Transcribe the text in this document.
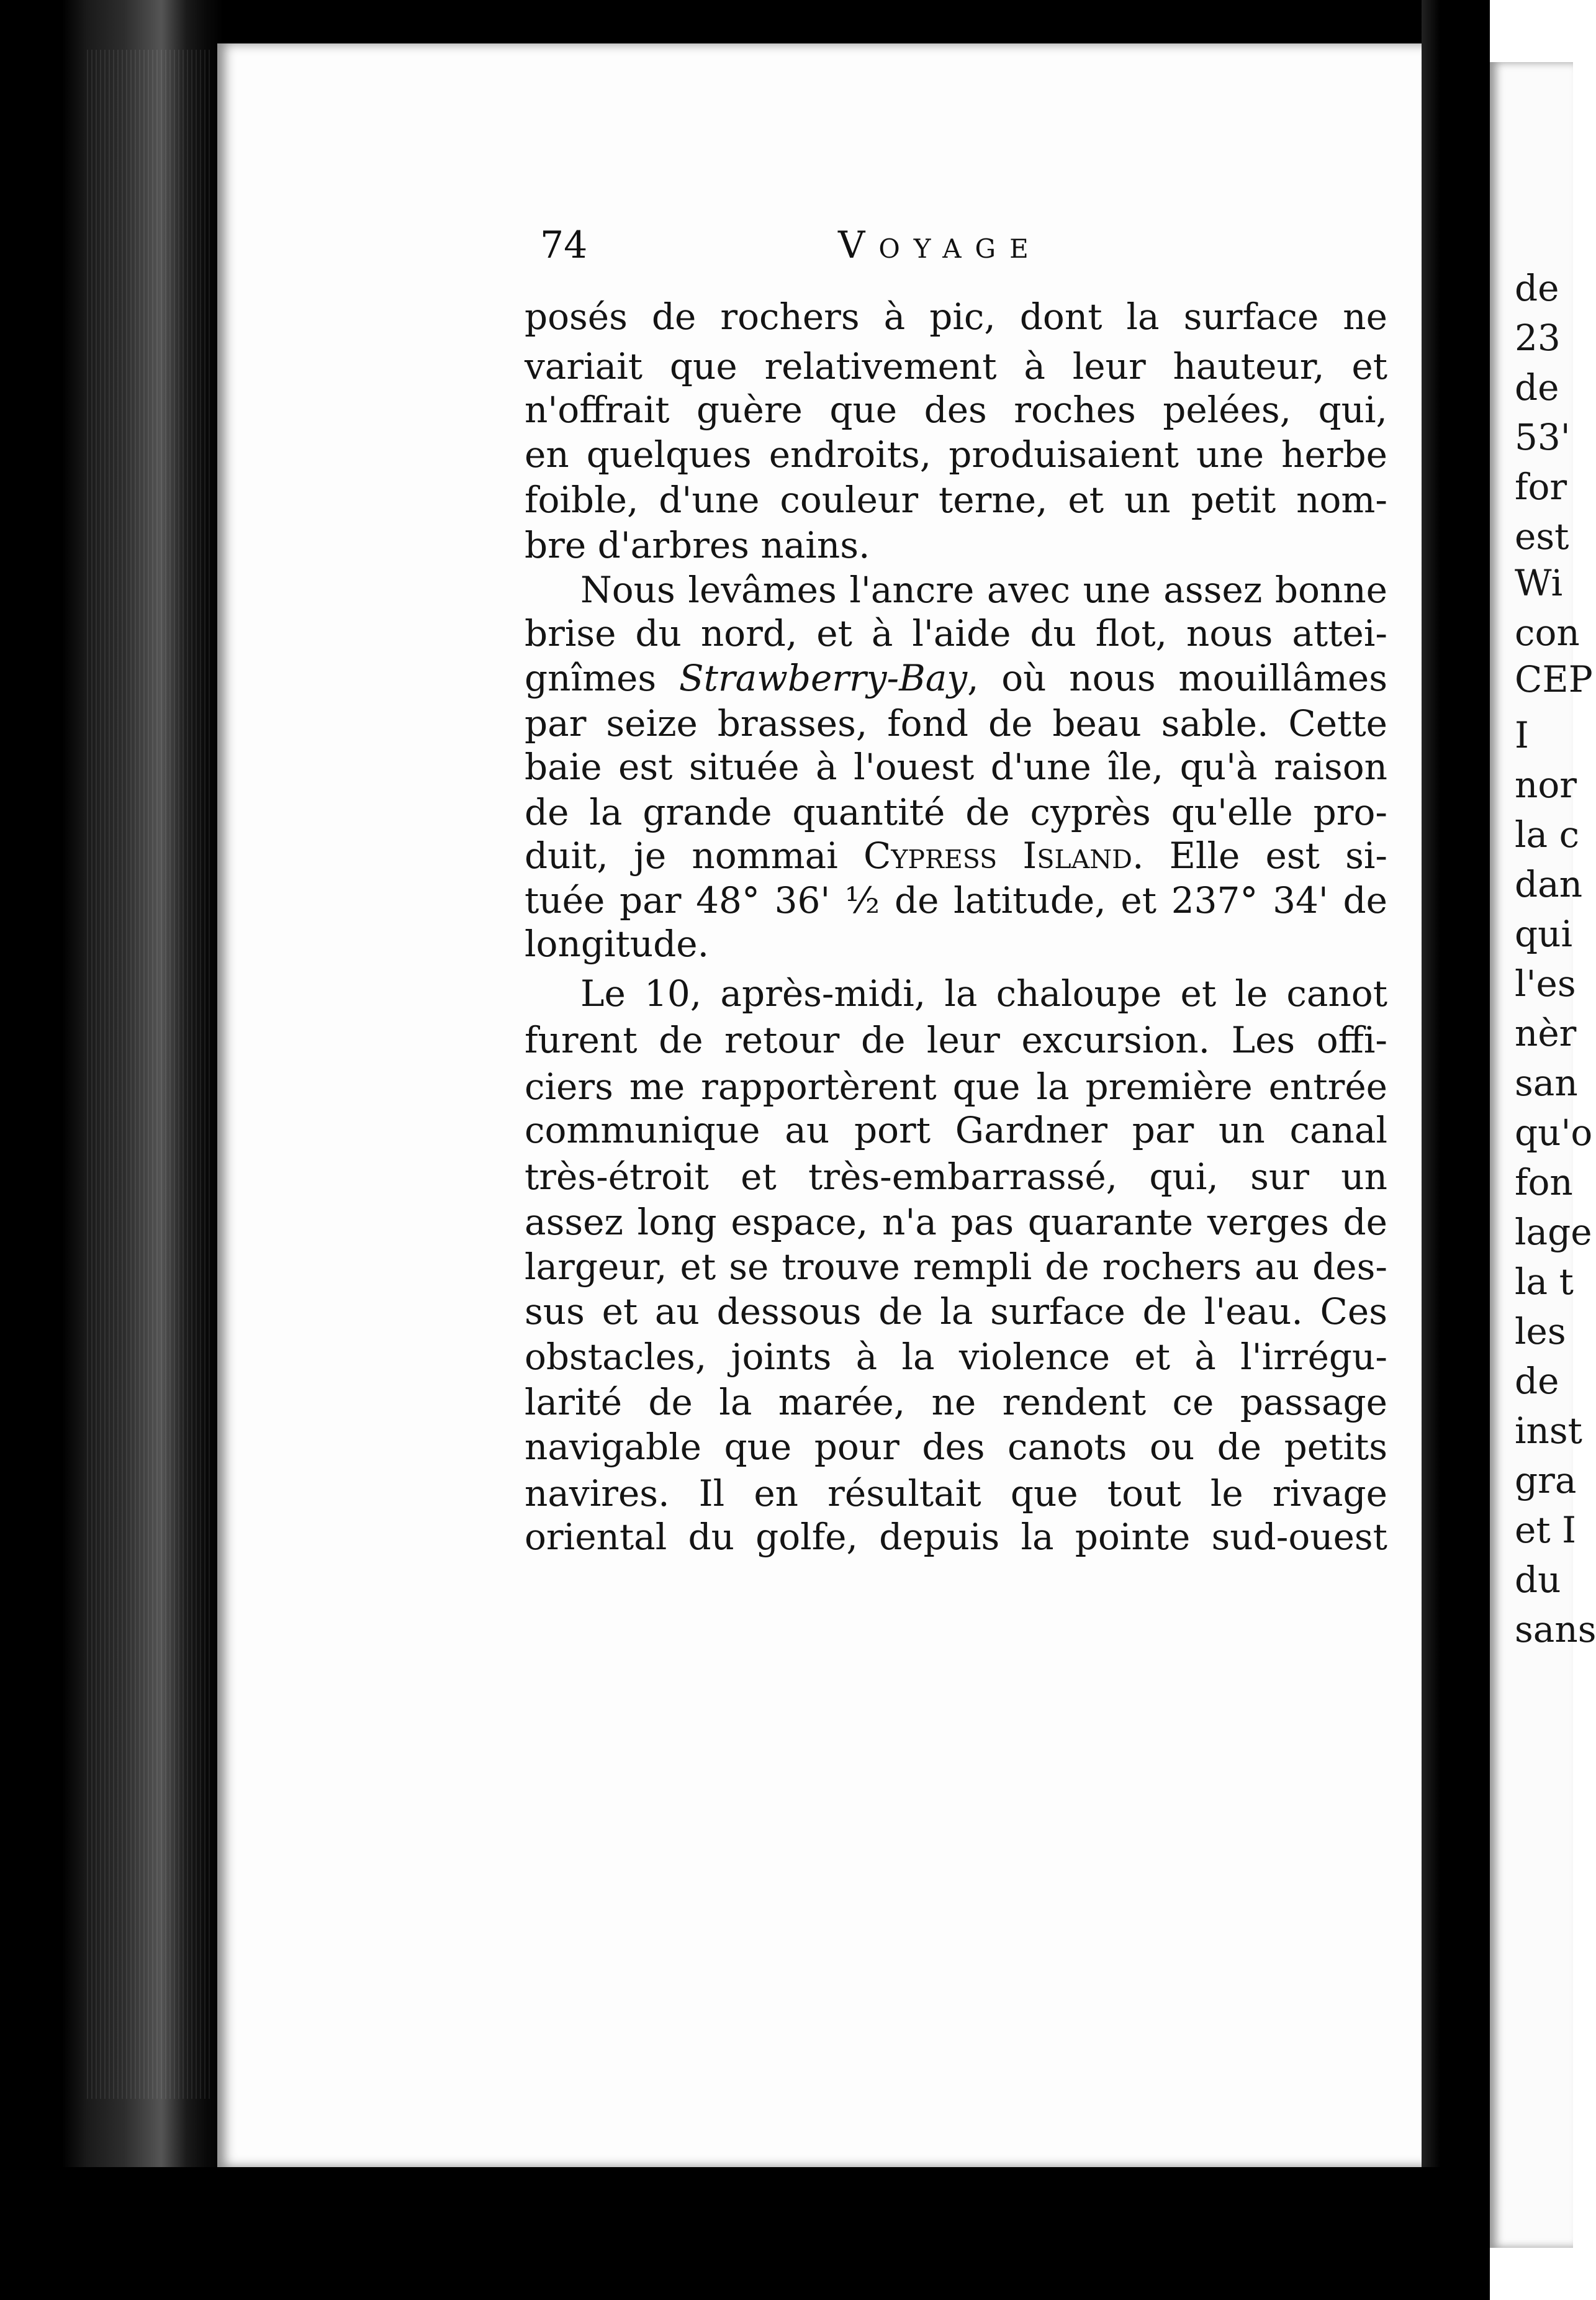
74	Voyage
posés de rochers à pic, dont la surface ne
variait que relativement à leur hauteur, et
n'offrait guère que des roches pelées, qui,
en quelques endroits, produisaient une herbe
foible, d'une couleur terne, et un petit nom-
bre d'arbres nains.
Nous levâmes l'ancre avec une assez bonne
brise du nord, et à l'aide du flot, nous attei-
gnîmes Strawberry-Bay, où nous mouillâmes
par seize brasses, fond de beau sable. Cette
baie est située à l'ouest d'une île, qu'à raison
de la grande quantité de cyprès qu'elle pro-
duit, je nommai Cypress Island. Elle est si-
tuée par 48° 36' ½ de latitude, et 237° 34' de
longitude.
Le 10, après-midi, la chaloupe et le canot
furent de retour de leur excursion. Les offi-
ciers me rapportèrent que la première entrée
communique au port Gardner par un canal
très-étroit et très-embarrassé, qui, sur un
assez long espace, n'a pas quarante verges de
largeur, et se trouve rempli de rochers au des-
sus et au dessous de la surface de l'eau. Ces
obstacles, joints à la violence et à l'irrégu-
larité de la marée, ne rendent ce passage
navigable que pour des canots ou de petits
navires. Il en résultait que tout le rivage
oriental du golfe, depuis la pointe sud-ouest
de
23
de
53'
for
est
Wi
con
CEP
I
nor
la c
dan
qui
l'es
nèr
san
qu'o
fon
lage
la t
les
de
inst
gra
et I
du
sans
